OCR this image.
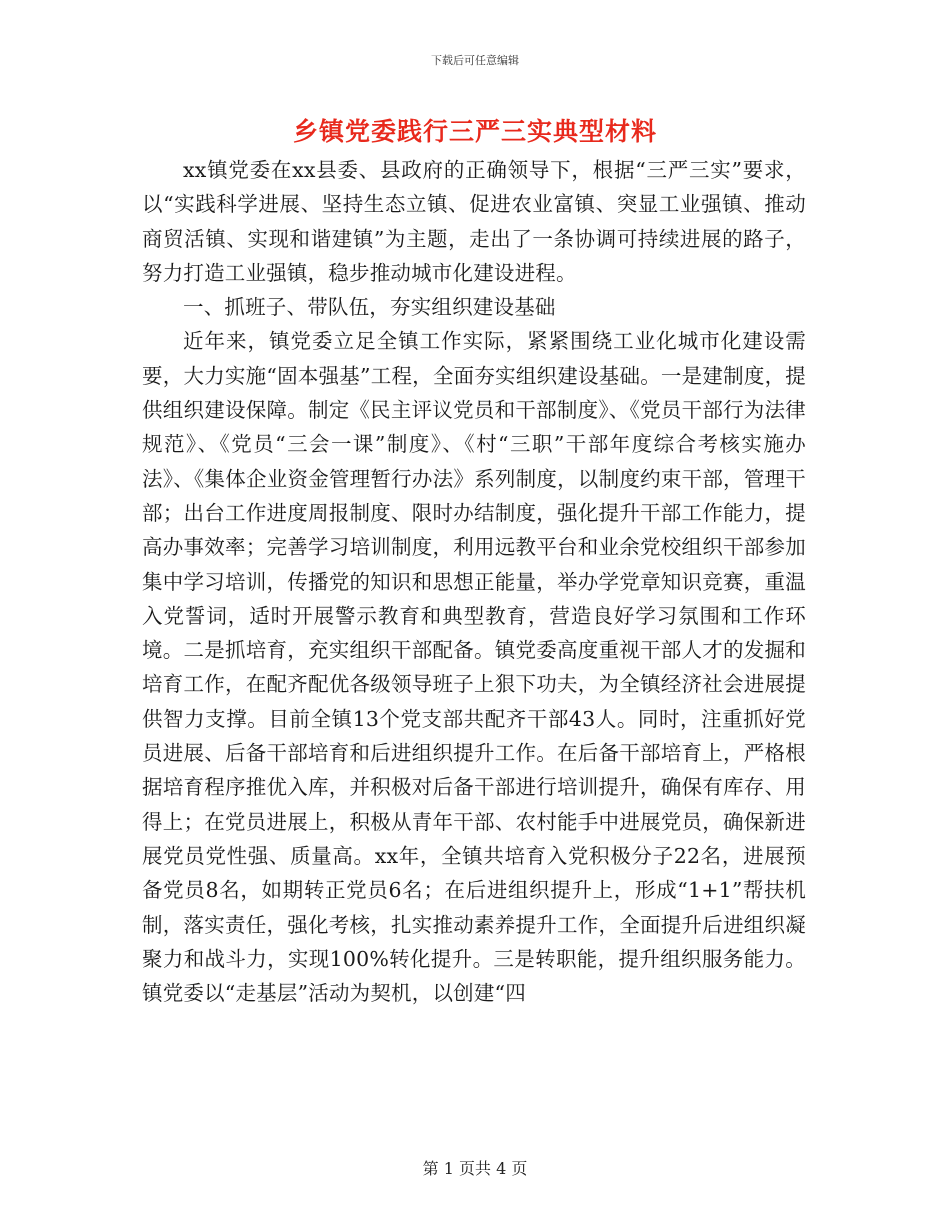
下载后可任意编辑
乡镇党委践行三严三实典型材料

xx镇党委在xx县委、县政府的正确领导下，根据“三严三实”要求，以“实践科学进展、坚持生态立镇、促进农业富镇、突显工业强镇、推动商贸活镇、实现和谐建镇”为主题，走出了一条协调可持续进展的路子，努力打造工业强镇，稳步推动城市化建设进程。

一、抓班子、带队伍，夯实组织建设基础

近年来，镇党委立足全镇工作实际，紧紧围绕工业化城市化建设需要，大力实施“固本强基”工程，全面夯实组织建设基础。一是建制度，提供组织建设保障。制定《民主评议党员和干部制度》、《党员干部行为法律规范》、《党员“三会一课”制度》、《村“三职”干部年度综合考核实施办法》、《集体企业资金管理暂行办法》系列制度，以制度约束干部，管理干部；出台工作进度周报制度、限时办结制度，强化提升干部工作能力，提高办事效率；完善学习培训制度，利用远教平台和业余党校组织干部参加集中学习培训，传播党的知识和思想正能量，举办学党章知识竞赛，重温入党誓词，适时开展警示教育和典型教育，营造良好学习氛围和工作环境。二是抓培育，充实组织干部配备。镇党委高度重视干部人才的发掘和培育工作，在配齐配优各级领导班子上狠下功夫，为全镇经济社会进展提供智力支撑。目前全镇13个党支部共配齐干部43人。同时，注重抓好党员进展、后备干部培育和后进组织提升工作。在后备干部培育上，严格根据培育程序推优入库，并积极对后备干部进行培训提升，确保有库存、用得上；在党员进展上，积极从青年干部、农村能手中进展党员，确保新进展党员党性强、质量高。xx年，全镇共培育入党积极分子22名，进展预备党员8名，如期转正党员6名；在后进组织提升上，形成“1+1”帮扶机制，落实责任，强化考核，扎实推动素养提升工作，全面提升后进组织凝聚力和战斗力，实现100%转化提升。三是转职能，提升组织服务能力。镇党委以“走基层”活动为契机，以创建“四

第 1 页共 4 页
